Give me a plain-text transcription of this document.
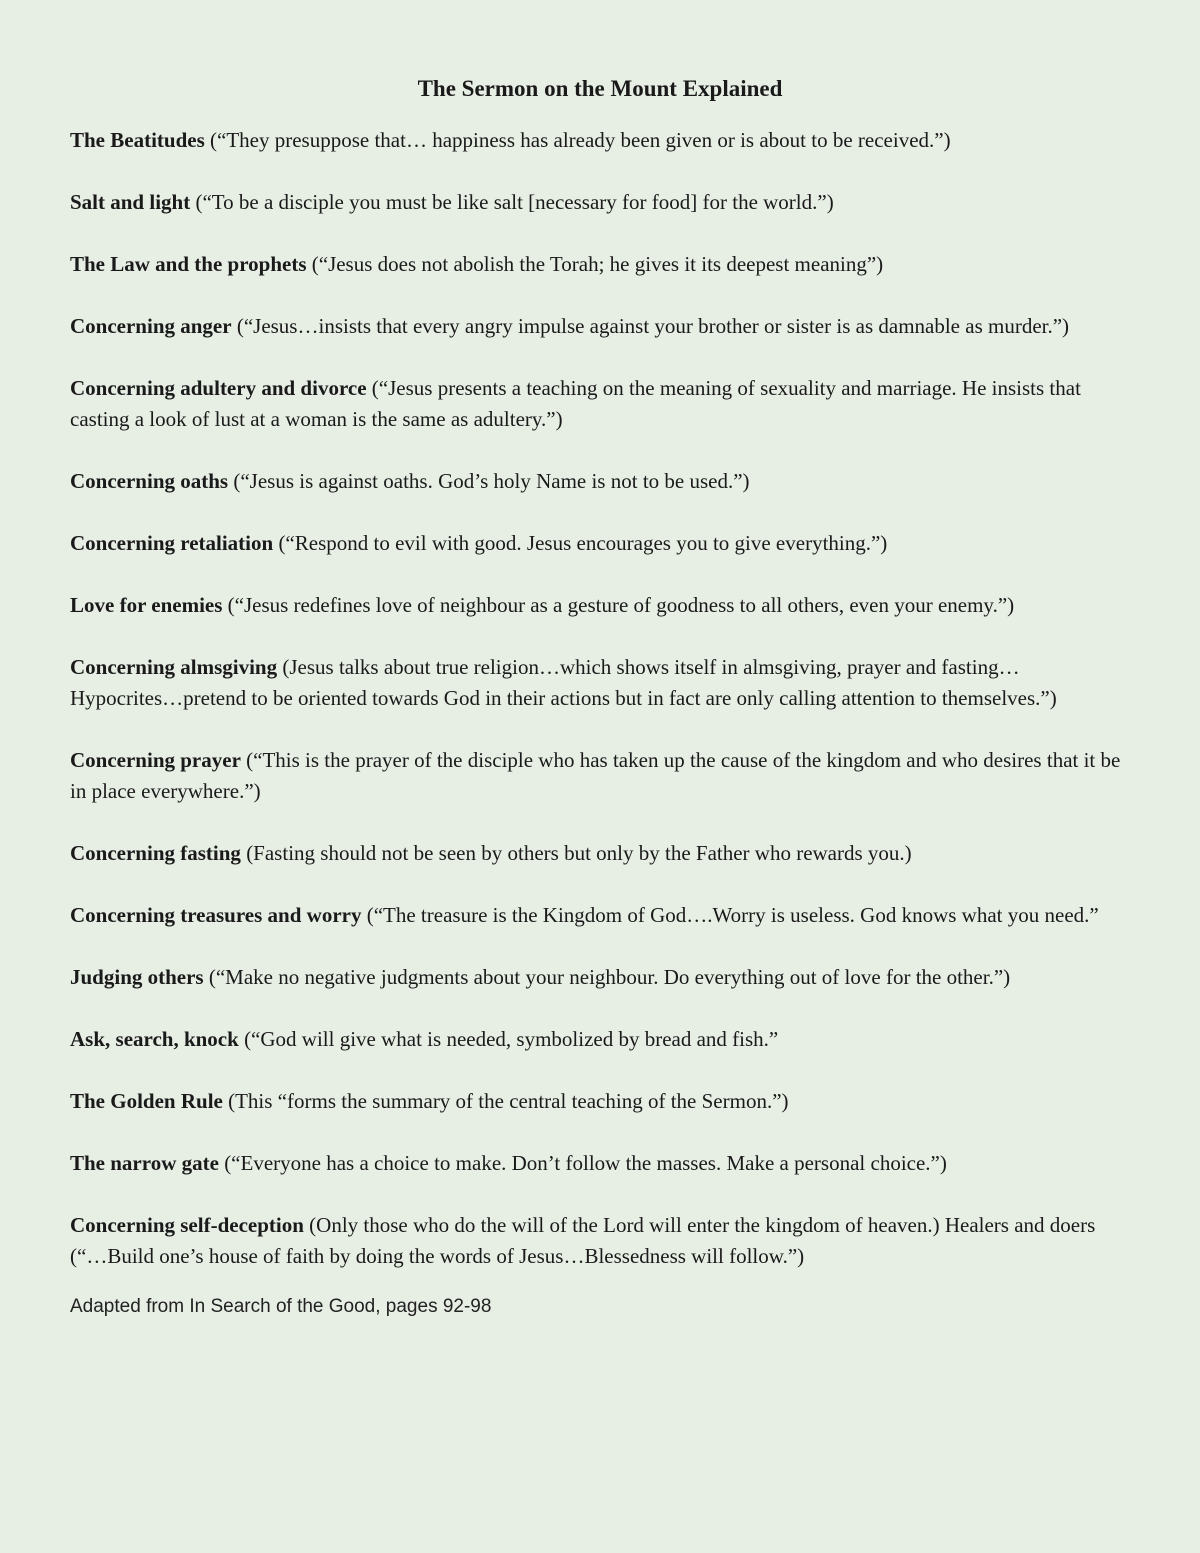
The Sermon on the Mount Explained
The Beatitudes (“They presuppose that… happiness has already been given or is about to be received.”)
Salt and light (“To be a disciple you must be like salt [necessary for food] for the world.”)
The Law and the prophets (“Jesus does not abolish the Torah; he gives it its deepest meaning”)
Concerning anger (“Jesus…insists that every angry impulse against your brother or sister is as damnable as murder.”)
Concerning adultery and divorce (“Jesus presents a teaching on the meaning of sexuality and marriage. He insists that casting a look of lust at a woman is the same as adultery.”)
Concerning oaths (“Jesus is against oaths. God’s holy Name is not to be used.”)
Concerning retaliation (“Respond to evil with good. Jesus encourages you to give everything.”)
Love for enemies (“Jesus redefines love of neighbour as a gesture of goodness to all others, even your enemy.”)
Concerning almsgiving (Jesus talks about true religion…which shows itself in almsgiving, prayer and fasting…Hypocrites…pretend to be oriented towards God in their actions but in fact are only calling attention to themselves.”)
Concerning prayer (“This is the prayer of the disciple who has taken up the cause of the kingdom and who desires that it be in place everywhere.”)
Concerning fasting (Fasting should not be seen by others but only by the Father who rewards you.)
Concerning treasures and worry (“The treasure is the Kingdom of God….Worry is useless. God knows what you need.”
Judging others (“Make no negative judgments about your neighbour. Do everything out of love for the other.”)
Ask, search, knock (“God will give what is needed, symbolized by bread and fish.”
The Golden Rule (This “forms the summary of the central teaching of the Sermon.”)
The narrow gate (“Everyone has a choice to make. Don’t follow the masses. Make a personal choice.”)
Concerning self-deception (Only those who do the will of the Lord will enter the kingdom of heaven.) Healers and doers (“…Build one’s house of faith by doing the words of Jesus…Blessedness will follow.”)
Adapted from In Search of the Good, pages 92-98
